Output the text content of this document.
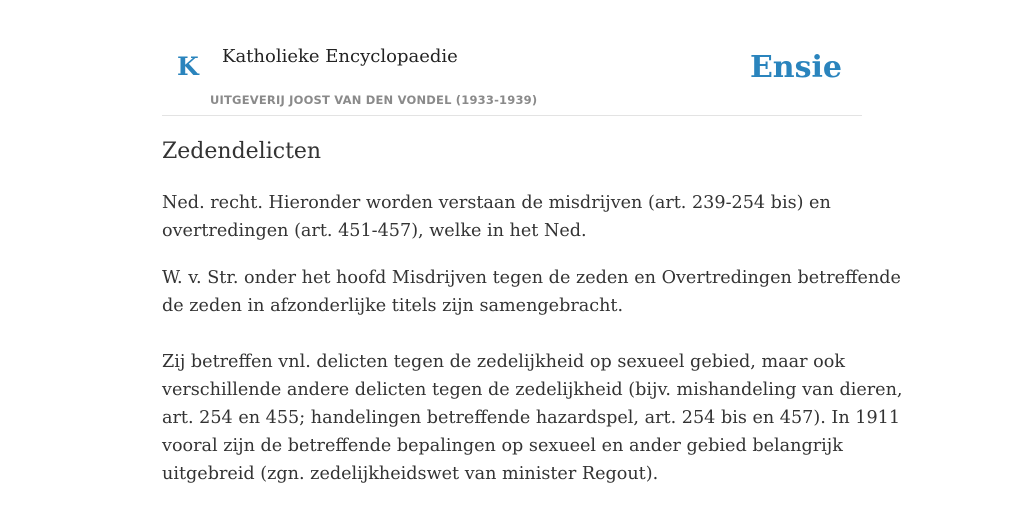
K Katholieke Encyclopaedie
UITGEVERIJ JOOST VAN DEN VONDEL (1933-1939)
Ensie
Zedendelicten

Ned. recht. Hieronder worden verstaan de misdrijven (art. 239-254 bis) en
overtredingen (art. 451-457), welke in het Ned.

W. v. Str. onder het hoofd Misdrijven tegen de zeden en Overtredingen betreffende
de zeden in afzonderlijke titels zijn samengebracht.

Zij betreffen vnl. delicten tegen de zedelijkheid op sexueel gebied, maar ook
verschillende andere delicten tegen de zedelijkheid (bijv. mishandeling van dieren,
art. 254 en 455; handelingen betreffende hazardspel, art. 254 bis en 457). In 1911
vooral zijn de betreffende bepalingen op sexueel en ander gebied belangrijk
uitgebreid (zgn. zedelijkheidswet van minister Regout).
